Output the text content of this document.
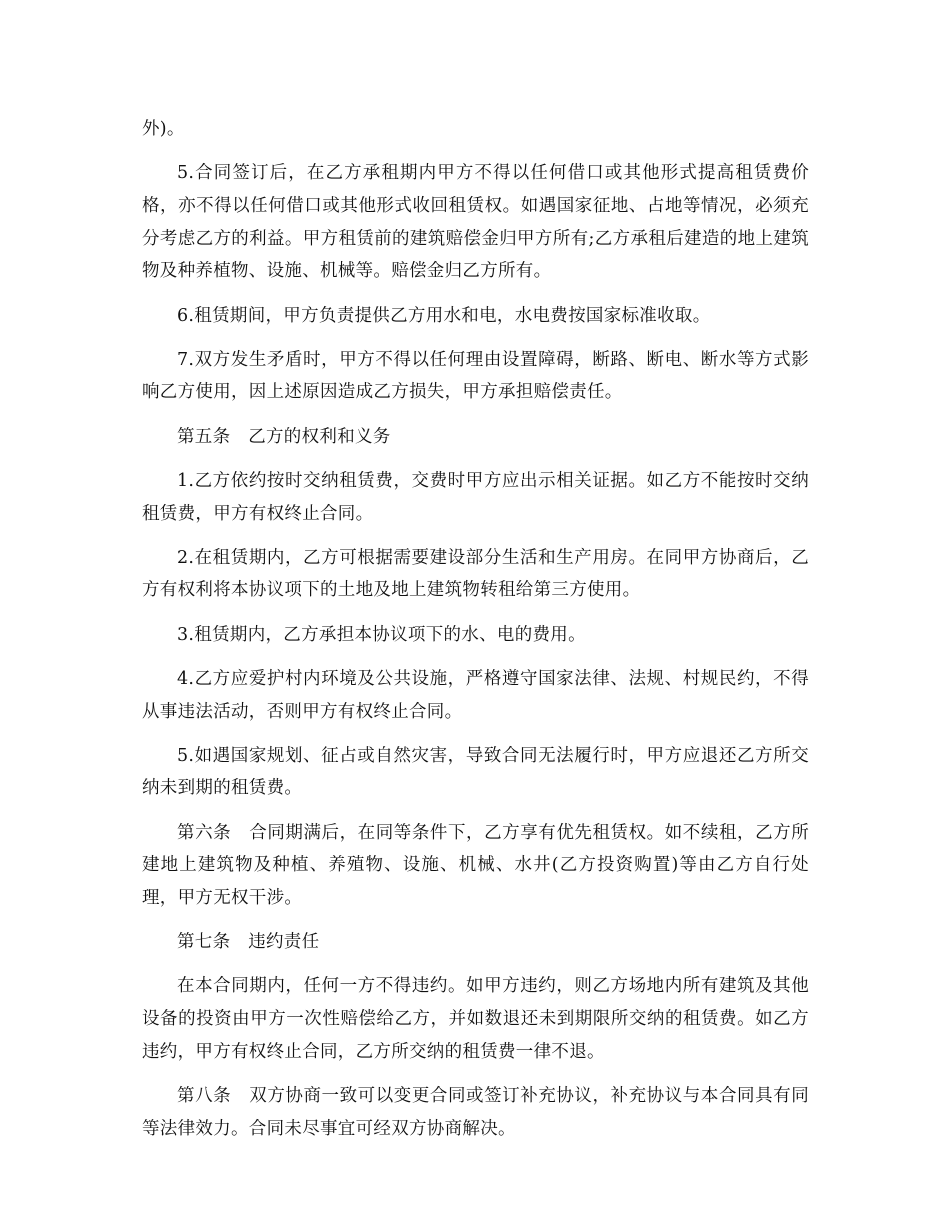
外)。

5.合同签订后，在乙方承租期内甲方不得以任何借口或其他形式提高租赁费价格，亦不得以任何借口或其他形式收回租赁权。如遇国家征地、占地等情况，必须充分考虑乙方的利益。甲方租赁前的建筑赔偿金归甲方所有;乙方承租后建造的地上建筑物及种养植物、设施、机械等。赔偿金归乙方所有。

6.租赁期间，甲方负责提供乙方用水和电，水电费按国家标准收取。

7.双方发生矛盾时，甲方不得以任何理由设置障碍，断路、断电、断水等方式影响乙方使用，因上述原因造成乙方损失，甲方承担赔偿责任。

第五条　乙方的权利和义务

1.乙方依约按时交纳租赁费，交费时甲方应出示相关证据。如乙方不能按时交纳租赁费，甲方有权终止合同。

2.在租赁期内，乙方可根据需要建设部分生活和生产用房。在同甲方协商后，乙方有权利将本协议项下的土地及地上建筑物转租给第三方使用。

3.租赁期内，乙方承担本协议项下的水、电的费用。

4.乙方应爱护村内环境及公共设施，严格遵守国家法律、法规、村规民约，不得从事违法活动，否则甲方有权终止合同。

5.如遇国家规划、征占或自然灾害，导致合同无法履行时，甲方应退还乙方所交纳未到期的租赁费。

第六条　合同期满后，在同等条件下，乙方享有优先租赁权。如不续租，乙方所建地上建筑物及种植、养殖物、设施、机械、水井(乙方投资购置)等由乙方自行处理，甲方无权干涉。

第七条　违约责任

在本合同期内，任何一方不得违约。如甲方违约，则乙方场地内所有建筑及其他设备的投资由甲方一次性赔偿给乙方，并如数退还未到期限所交纳的租赁费。如乙方违约，甲方有权终止合同，乙方所交纳的租赁费一律不退。

第八条　双方协商一致可以变更合同或签订补充协议，补充协议与本合同具有同等法律效力。合同未尽事宜可经双方协商解决。
